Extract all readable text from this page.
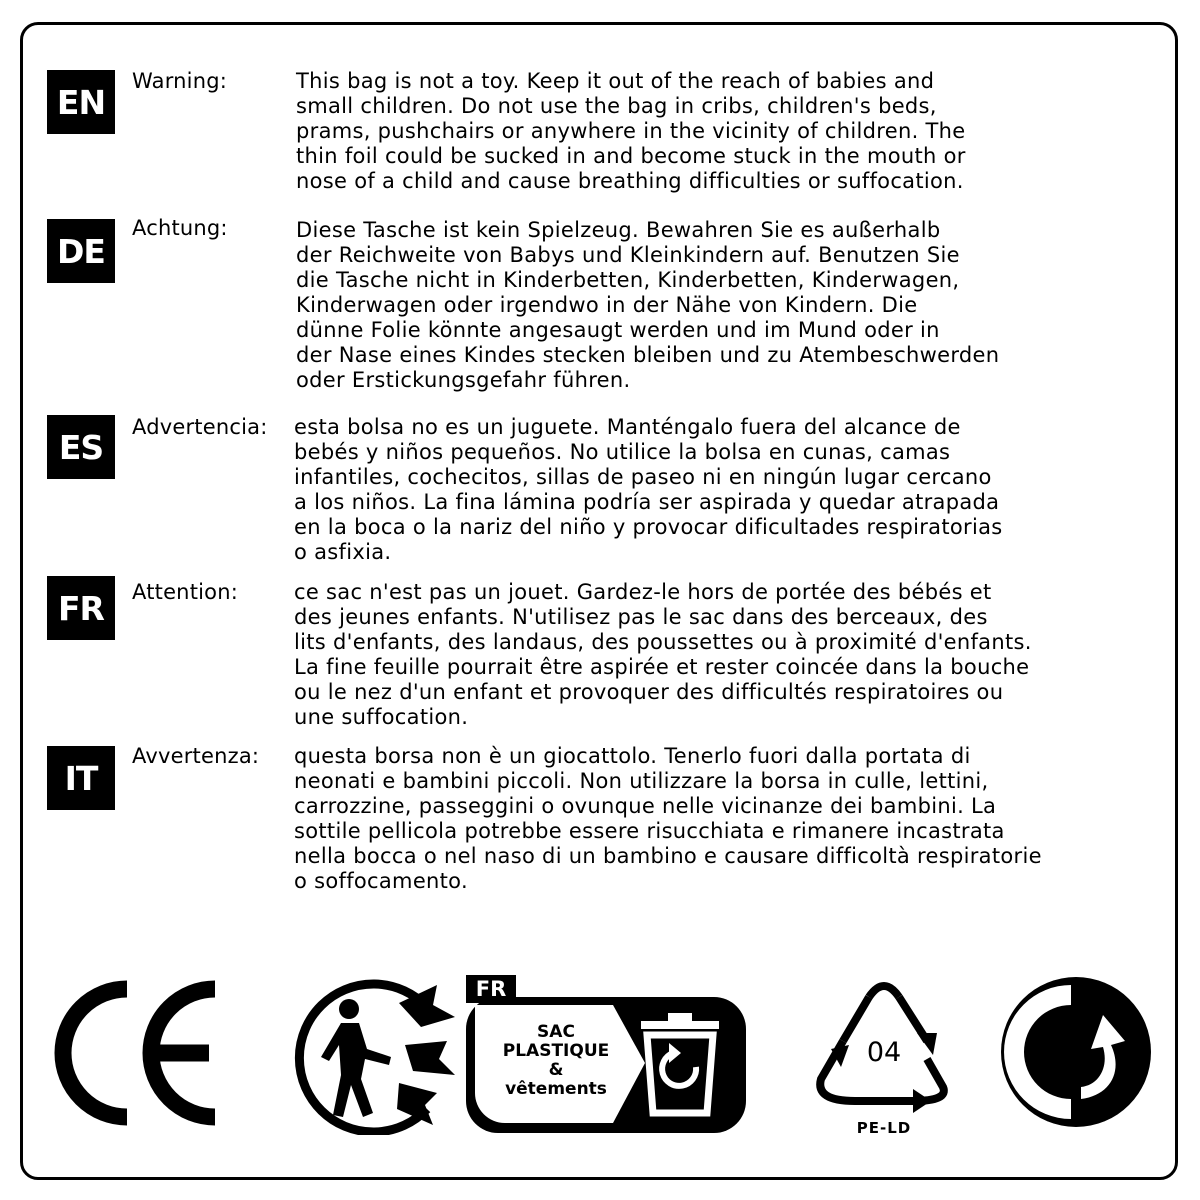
EN
Warning:	This bag is not a toy. Keep it out of the reach of babies and
small children. Do not use the bag in cribs, children's beds,
prams, pushchairs or anywhere in the vicinity of children. The
thin foil could be sucked in and become stuck in the mouth or
nose of a child and cause breathing difficulties or suffocation.
DE
Achtung:	Diese Tasche ist kein Spielzeug. Bewahren Sie es außerhalb
der Reichweite von Babys und Kleinkindern auf. Benutzen Sie
die Tasche nicht in Kinderbetten, Kinderbetten, Kinderwagen,
Kinderwagen oder irgendwo in der Nähe von Kindern. Die
dünne Folie könnte angesaugt werden und im Mund oder in
der Nase eines Kindes stecken bleiben und zu Atembeschwerden
oder Erstickungsgefahr führen.
ES
Advertencia: esta bolsa no es un juguete. Manténgalo fuera del alcance de
bebés y niños pequeños. No utilice la bolsa en cunas, camas
infantiles, cochecitos, sillas de paseo ni en ningún lugar cercano
a los niños. La fina lámina podría ser aspirada y quedar atrapada
en la boca o la nariz del niño y provocar dificultades respiratorias
o asfixia.
FR	Attention:	ce sac n'est pas un jouet. Gardez-le hors de portée des bébés et
des jeunes enfants. N'utilisez pas le sac dans des berceaux, des
lits d'enfants, des landaus, des poussettes ou à proximité d'enfants.
La fine feuille pourrait être aspirée et rester coincée dans la bouche
ou le nez d'un enfant et provoquer des difficultés respiratoires ou
une suffocation.
IT
Avvertenza: questa borsa non è un giocattolo. Tenerlo fuori dalla portata di
neonati e bambini piccoli. Non utilizzare la borsa in culle, lettini,
carrozzine, passeggini o ovunque nelle vicinanze dei bambini. La
sottile pellicola potrebbe essere risucchiata e rimanere incastrata
nella bocca o nel naso di un bambino e causare difficoltà respiratorie
o soffocamento.
FR
SAC
PLASTIQUE
&
vêtements
04
PE-LD
